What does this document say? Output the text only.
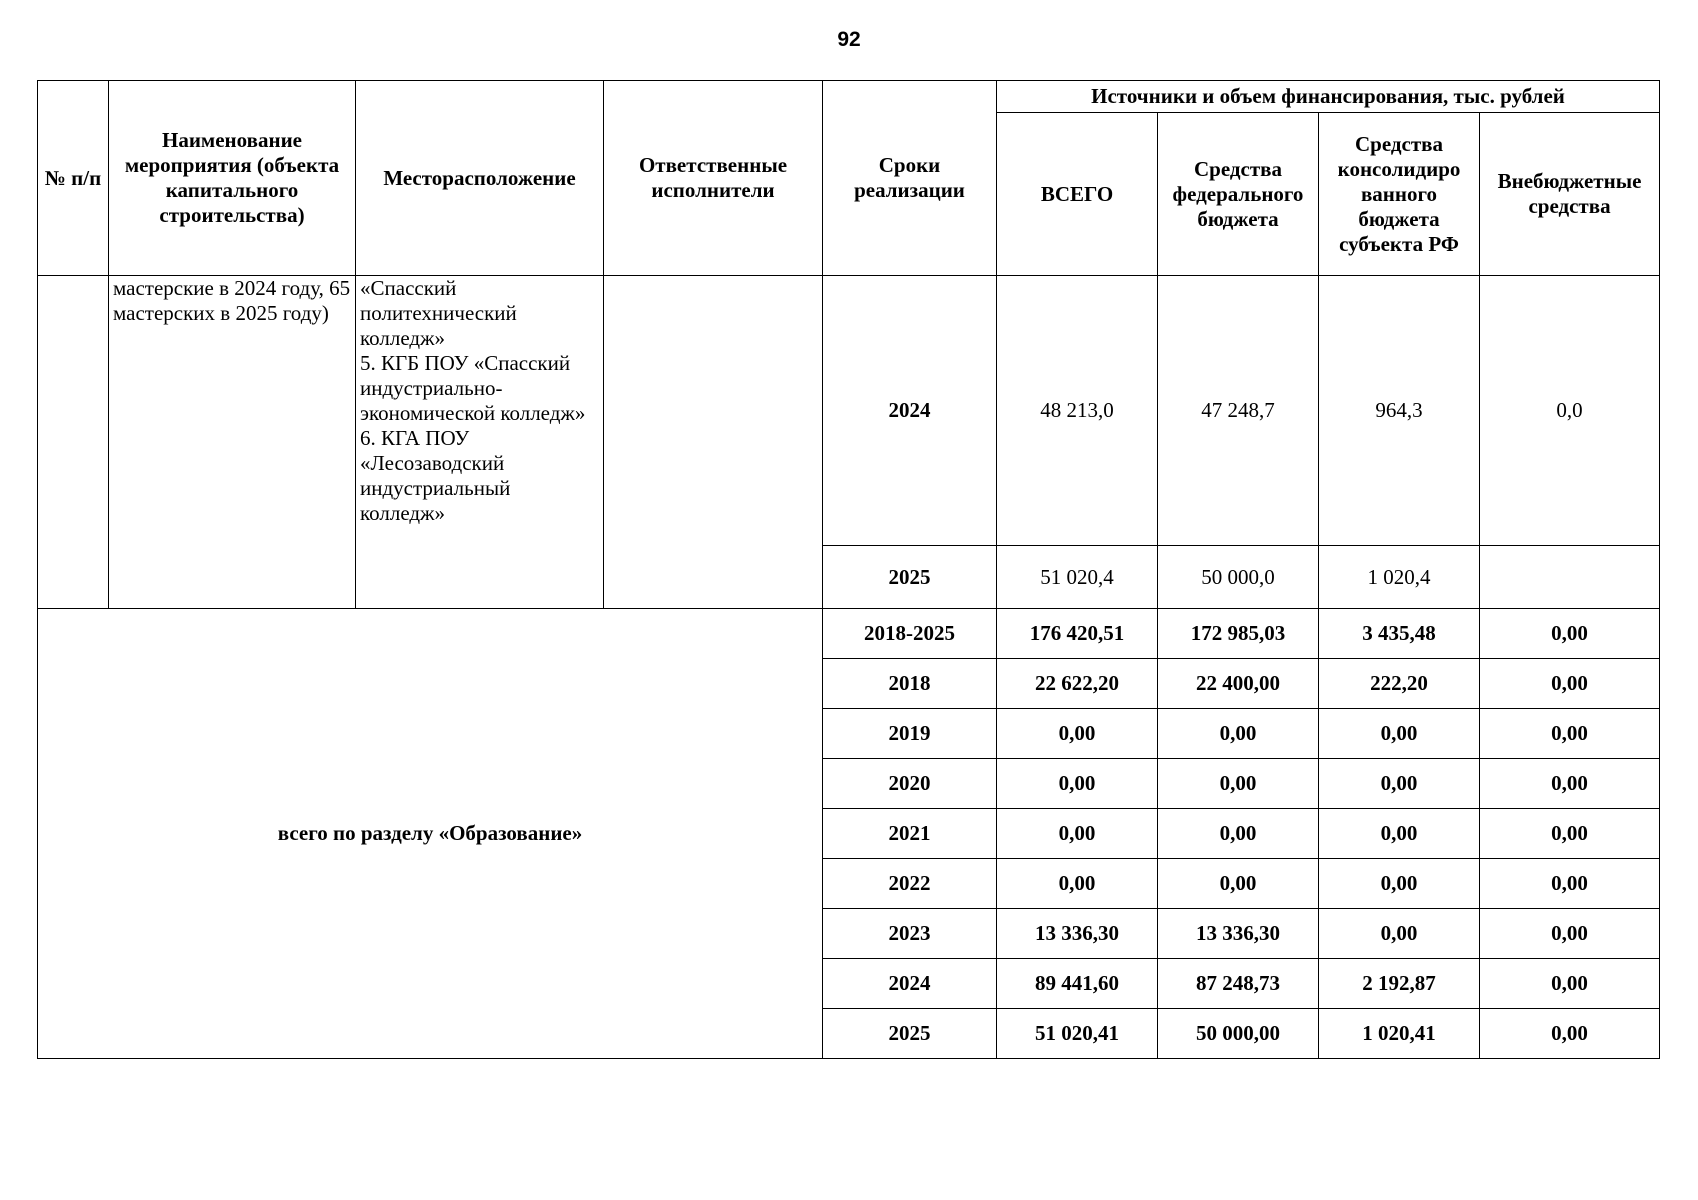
92
№ п/п	Наименование мероприятия (объекта капитального строительства)	Месторасположение	Ответственные исполнители	Сроки реализации	Источники и объем финансирования, тыс. рублей			
					ВСЕГО	Средства федерального бюджета	Средства консолидиро ванного бюджета субъекта РФ	Внебюджетные средства
	мастерские в 2024 году, 65 мастерских в 2025 году)	«Спасский политехнический колледж»
5. КГБ ПОУ «Спасский индустриально-экономической колледж»
6. КГА ПОУ «Лесозаводский индустриальный колледж»		2024	48 213,0	47 248,7	964,3	0,0
				2025	51 020,4	50 000,0	1 020,4	
всего по разделу «Образование»				2018-2025	176 420,51	172 985,03	3 435,48	0,00
				2018	22 622,20	22 400,00	222,20	0,00
				2019	0,00	0,00	0,00	0,00
				2020	0,00	0,00	0,00	0,00
				2021	0,00	0,00	0,00	0,00
				2022	0,00	0,00	0,00	0,00
				2023	13 336,30	13 336,30	0,00	0,00
				2024	89 441,60	87 248,73	2 192,87	0,00
				2025	51 020,41	50 000,00	1 020,41	0,00
